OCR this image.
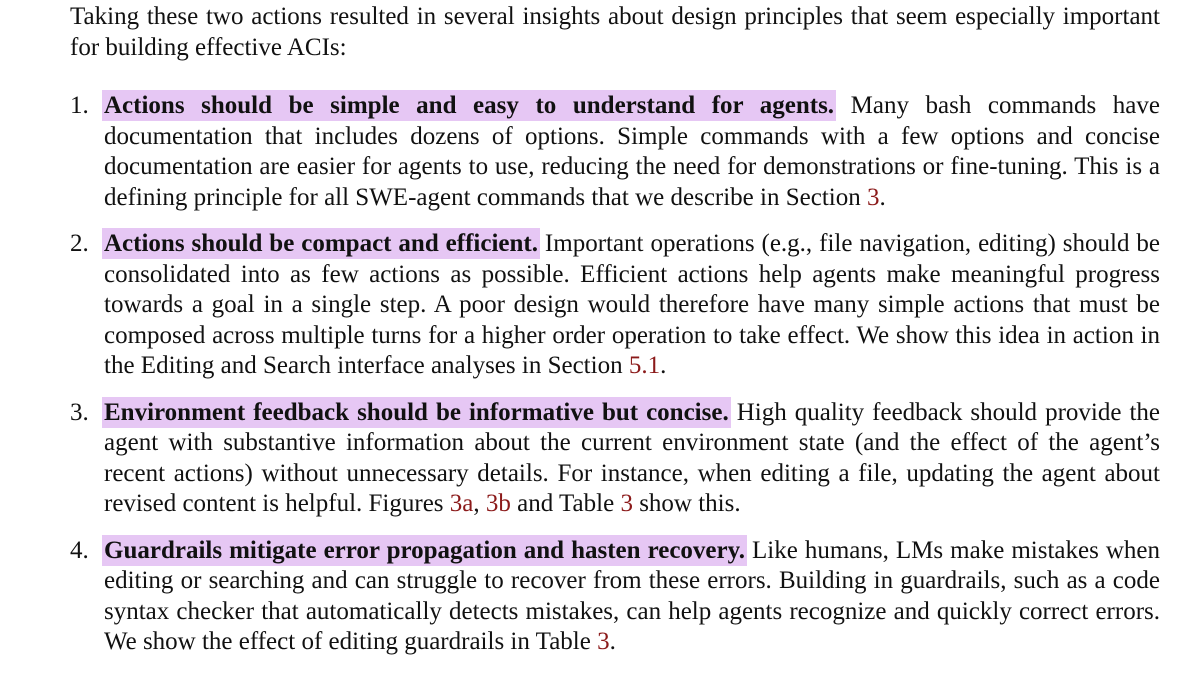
Taking these two actions resulted in several insights about design principles that seem especially important for building effective ACIs:

1. Actions should be simple and easy to understand for agents. Many bash commands have documentation that includes dozens of options. Simple commands with a few options and concise documentation are easier for agents to use, reducing the need for demonstrations or fine-tuning. This is a defining principle for all SWE-agent commands that we describe in Section 3.
2. Actions should be compact and efficient. Important operations (e.g., file navigation, editing) should be consolidated into as few actions as possible. Efficient actions help agents make meaningful progress towards a goal in a single step. A poor design would therefore have many simple actions that must be composed across multiple turns for a higher order operation to take effect. We show this idea in action in the Editing and Search interface analyses in Section 5.1.
3. Environment feedback should be informative but concise. High quality feedback should provide the agent with substantive information about the current environment state (and the effect of the agent’s recent actions) without unnecessary details. For instance, when editing a file, updating the agent about revised content is helpful. Figures 3a, 3b and Table 3 show this.
4. Guardrails mitigate error propagation and hasten recovery. Like humans, LMs make mistakes when editing or searching and can struggle to recover from these errors. Building in guardrails, such as a code syntax checker that automatically detects mistakes, can help agents recognize and quickly correct errors. We show the effect of editing guardrails in Table 3.
